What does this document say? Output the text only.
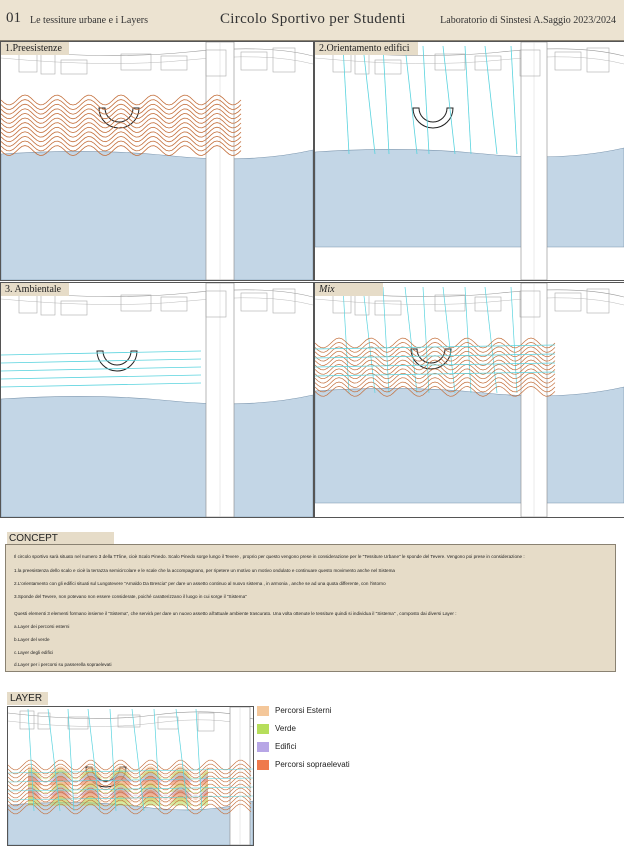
01 Le tessiture urbane e i Layers	Circolo Sportivo per Studenti	Laboratorio di Sinstesi A.Saggio 2023/2024
1.Preesistenze	2.Orientamento edifici
3. Ambientale	Mix
CONCEPT
Il circolo sportivo sarà situato nel numero 3 della TTline, cioè Scalo Pinedo. Scalo Pinedo sorge lungo il Tevere , proprio per questo vengono prese in considerazione per le "Tessiture Urbane" le sponde del Tevere. Vengono poi prese in considerazione :
1.la preesistenza dello scalo e cioè la terrazza semicircolare e le scale che la accompagnano, per ripetere un motivo un motivo ondulato e continuare questo movimento anche nel Sistema
2.L'orientamento con gli edifici situati sul Lungotevere "Arnaldo Da Brescia" per dare un assetto continuo al nuovo sistema , in armonia , anche se ad una quota differente, con l'intorno
3.Sponde del Tevere, non potevano non essere considerate, poiché caratterizzano il luogo in cui sorge il "Sistema"
Questi elementi 3 elementi formano insieme il "Sistema", che servirà per dare un nuovo assetto all'attuale ambiente trascurato. Una volta ottenute le tessiture quindi si individua il "Sistema" , composto dai diversi Layer :
a.Layer dei percorsi esterni
b.Layer del verde
c.Layer degli edifici
d.Layer per i percorsi su passerella sopraelevati
LAYER
Percorsi Esterni
Verde
Edifici
Percorsi sopraelevati
